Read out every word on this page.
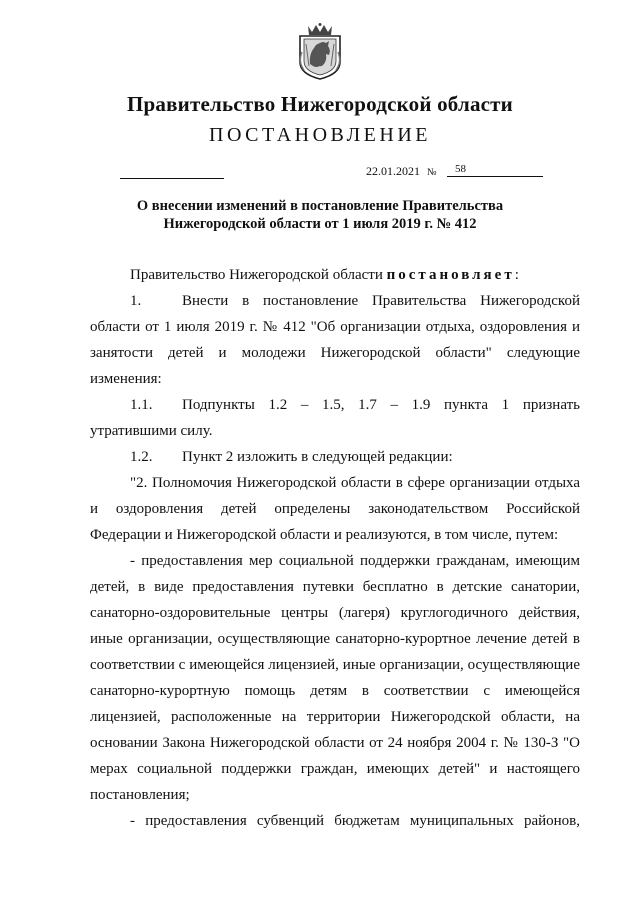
Правительство Нижегородской области
ПОСТАНОВЛЕНИЕ
22.01.2021 №	58
О внесении изменений в постановление Правительства
Нижегородской области от 1 июля 2019 г. № 412

Правительство Нижегородской области постановляет:

1.	Внести в постановление Правительства Нижегородской области от 1 июля 2019 г. № 412 "Об организации отдыха, оздоровления и занятости детей и молодежи Нижегородской области" следующие изменения:

1.1. Подпункты 1.2 – 1.5, 1.7 – 1.9 пункта 1 признать утратившими силу.

1.2. Пункт 2 изложить в следующей редакции:

"2. Полномочия Нижегородской области в сфере организации отдыха и оздоровления детей определены законодательством Российской Федерации и Нижегородской области и реализуются, в том числе, путем:

- предоставления мер социальной поддержки гражданам, имеющим детей, в виде предоставления путевки бесплатно в детские санатории, санаторно-оздоровительные центры (лагеря) круглогодичного действия, иные организации, осуществляющие санаторно-курортное лечение детей в соответствии с имеющейся лицензией, иные организации, осуществляющие санаторно-курортную помощь детям в соответствии с имеющейся лицензией, расположенные на территории Нижегородской области, на основании Закона Нижегородской области от 24 ноября 2004 г. № 130-З "О мерах социальной поддержки граждан, имеющих детей" и настоящего постановления;

- предоставления субвенций бюджетам муниципальных районов,
